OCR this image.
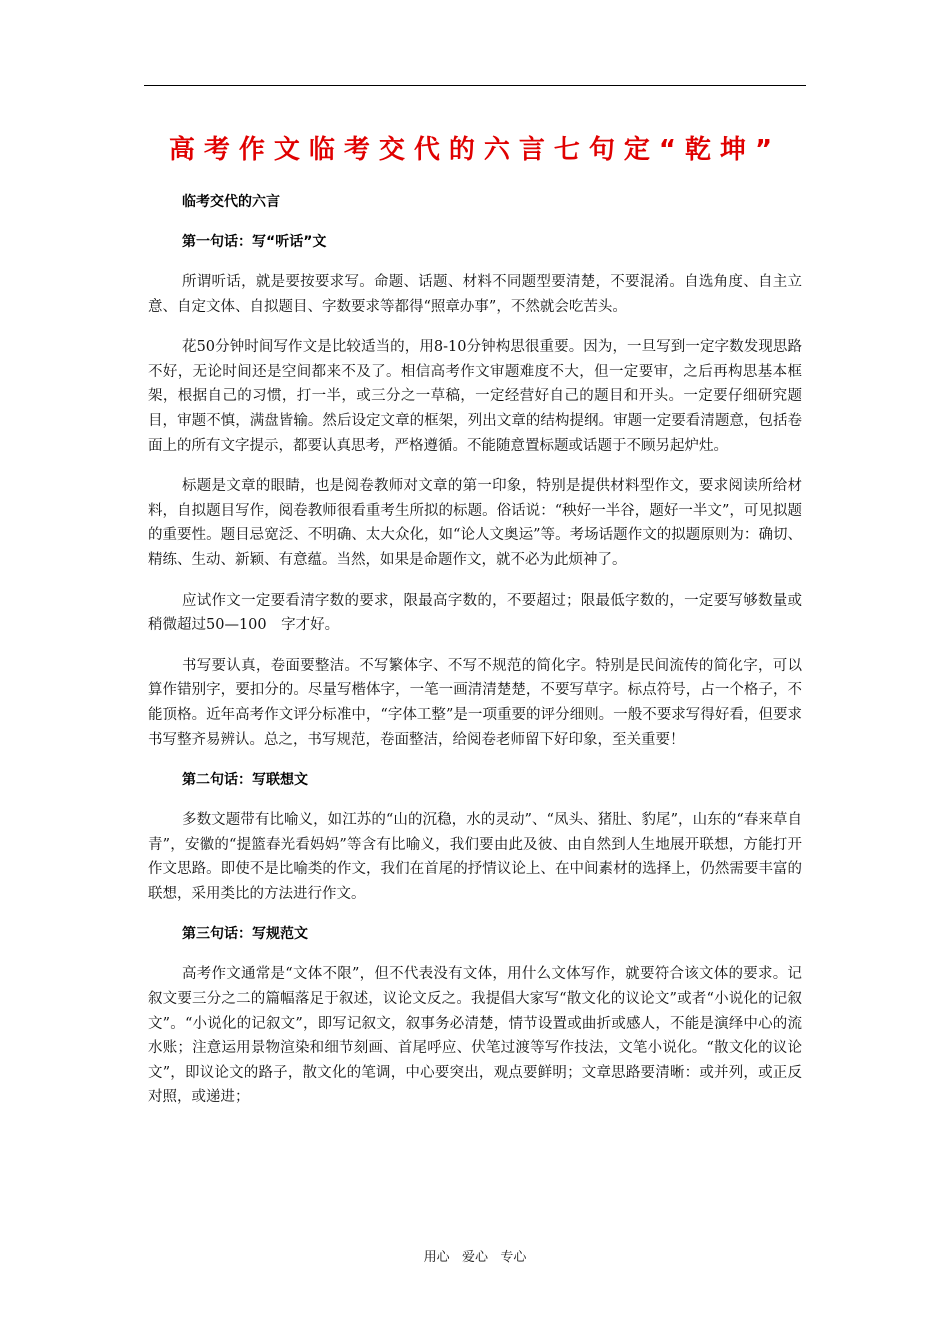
高考作文临考交代的六言七句定“乾坤”

临考交代的六言

第一句话：写“听话”文

所谓听话，就是要按要求写。命题、话题、材料不同题型要清楚，不要混淆。自选角度、自主立意、自定文体、自拟题目、字数要求等都得“照章办事”，不然就会吃苦头。

花50分钟时间写作文是比较适当的，用8-10分钟构思很重要。因为，一旦写到一定字数发现思路不好，无论时间还是空间都来不及了。相信高考作文审题难度不大，但一定要审，之后再构思基本框架，根据自己的习惯，打一半，或三分之一草稿，一定经营好自己的题目和开头。一定要仔细研究题目，审题不慎，满盘皆输。然后设定文章的框架，列出文章的结构提纲。审题一定要看清题意，包括卷面上的所有文字提示，都要认真思考，严格遵循。不能随意置标题或话题于不顾另起炉灶。

标题是文章的眼睛，也是阅卷教师对文章的第一印象，特别是提供材料型作文，要求阅读所给材料，自拟题目写作，阅卷教师很看重考生所拟的标题。俗话说：“秧好一半谷，题好一半文”，可见拟题的重要性。题目忌宽泛、不明确、太大众化，如“论人文奥运”等。考场话题作文的拟题原则为：确切、精练、生动、新颖、有意蕴。当然，如果是命题作文，就不必为此烦神了。

应试作文一定要看清字数的要求，限最高字数的，不要超过；限最低字数的，一定要写够数量或稍微超过50—100　字才好。

书写要认真，卷面要整洁。不写繁体字、不写不规范的简化字。特别是民间流传的简化字，可以算作错别字，要扣分的。尽量写楷体字，一笔一画清清楚楚，不要写草字。标点符号，占一个格子，不能顶格。近年高考作文评分标准中，“字体工整”是一项重要的评分细则。一般不要求写得好看，但要求书写整齐易辨认。总之，书写规范，卷面整洁，给阅卷老师留下好印象，至关重要！

第二句话：写联想文

多数文题带有比喻义，如江苏的“山的沉稳，水的灵动”、“凤头、猪肚、豹尾”，山东的“春来草自青”，安徽的“提篮春光看妈妈”等含有比喻义，我们要由此及彼、由自然到人生地展开联想，方能打开作文思路。即使不是比喻类的作文，我们在首尾的抒情议论上、在中间素材的选择上，仍然需要丰富的联想，采用类比的方法进行作文。

第三句话：写规范文

高考作文通常是“文体不限”，但不代表没有文体，用什么文体写作，就要符合该文体的要求。记叙文要三分之二的篇幅落足于叙述，议论文反之。我提倡大家写“散文化的议论文”或者“小说化的记叙文”。“小说化的记叙文”，即写记叙文，叙事务必清楚，情节设置或曲折或感人，不能是演绎中心的流水账；注意运用景物渲染和细节刻画、首尾呼应、伏笔过渡等写作技法，文笔小说化。“散文化的议论文”，即议论文的路子，散文化的笔调，中心要突出，观点要鲜明；文章思路要清晰：或并列，或正反对照，或递进；

用心   爱心   专心
